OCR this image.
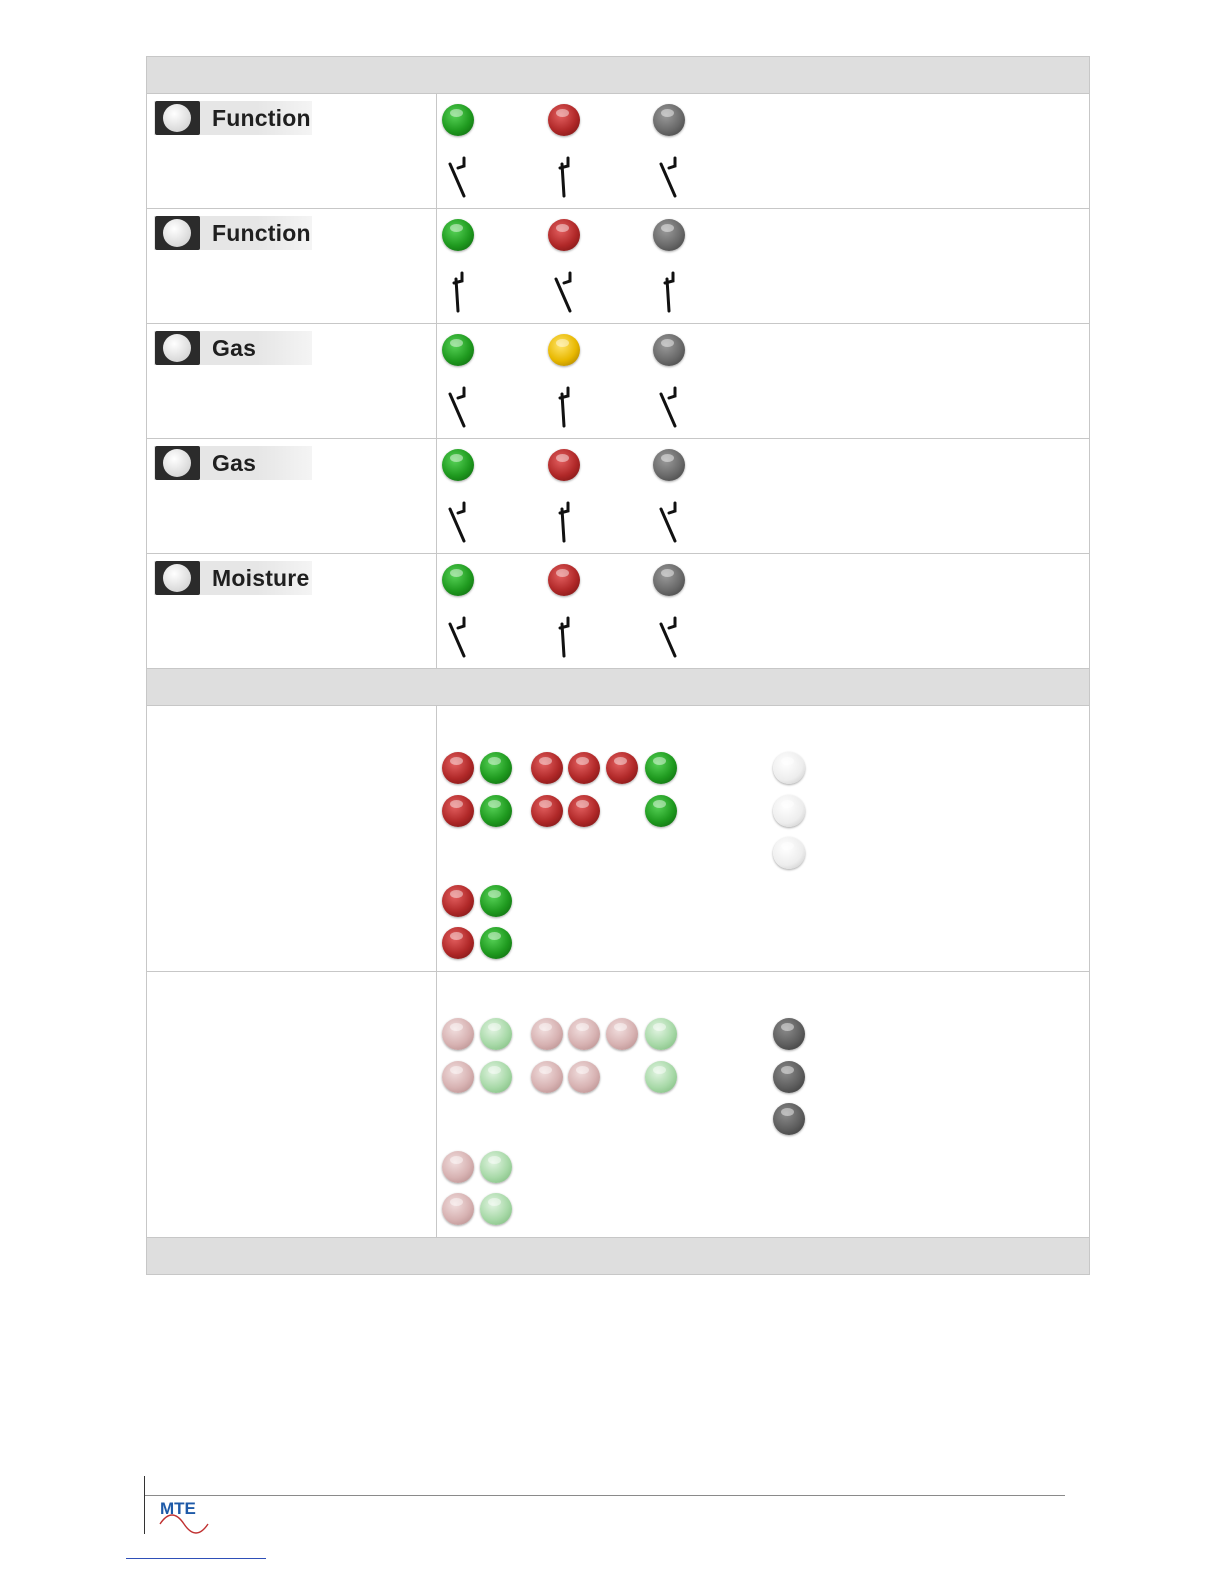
Function
Function
Gas
Gas
Moisture
MTE
